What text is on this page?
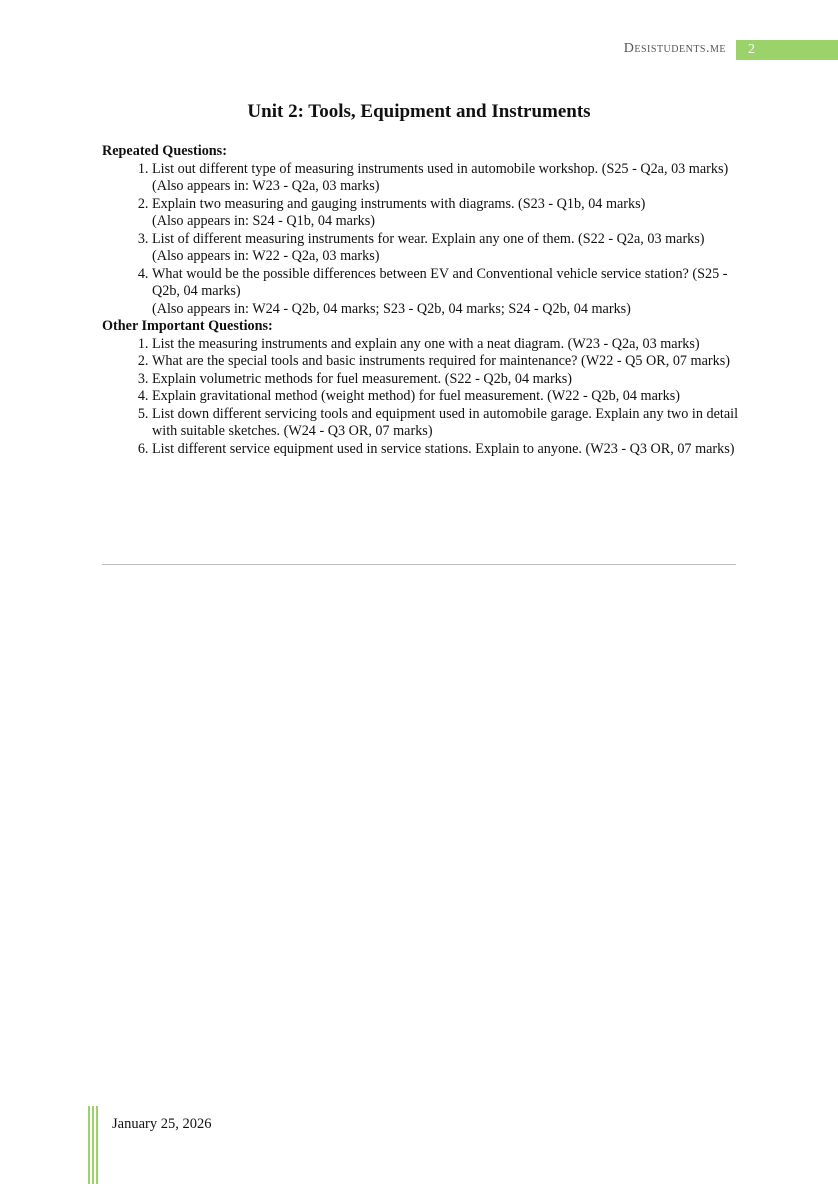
Desistudents.me	2
Unit 2: Tools, Equipment and Instruments
Repeated Questions:
1. List out different type of measuring instruments used in automobile workshop. (S25 - Q2a, 03 marks)
(Also appears in: W23 - Q2a, 03 marks)
2. Explain two measuring and gauging instruments with diagrams. (S23 - Q1b, 04 marks)
(Also appears in: S24 - Q1b, 04 marks)
3. List of different measuring instruments for wear. Explain any one of them. (S22 - Q2a, 03 marks)
(Also appears in: W22 - Q2a, 03 marks)
4. What would be the possible differences between EV and Conventional vehicle service station? (S25 - Q2b, 04 marks)
(Also appears in: W24 - Q2b, 04 marks; S23 - Q2b, 04 marks; S24 - Q2b, 04 marks)
Other Important Questions:
1. List the measuring instruments and explain any one with a neat diagram. (W23 - Q2a, 03 marks)
2. What are the special tools and basic instruments required for maintenance? (W22 - Q5 OR, 07 marks)
3. Explain volumetric methods for fuel measurement. (S22 - Q2b, 04 marks)
4. Explain gravitational method (weight method) for fuel measurement. (W22 - Q2b, 04 marks)
5. List down different servicing tools and equipment used in automobile garage. Explain any two in detail with suitable sketches. (W24 - Q3 OR, 07 marks)
6. List different service equipment used in service stations. Explain to anyone. (W23 - Q3 OR, 07 marks)
January 25, 2026
